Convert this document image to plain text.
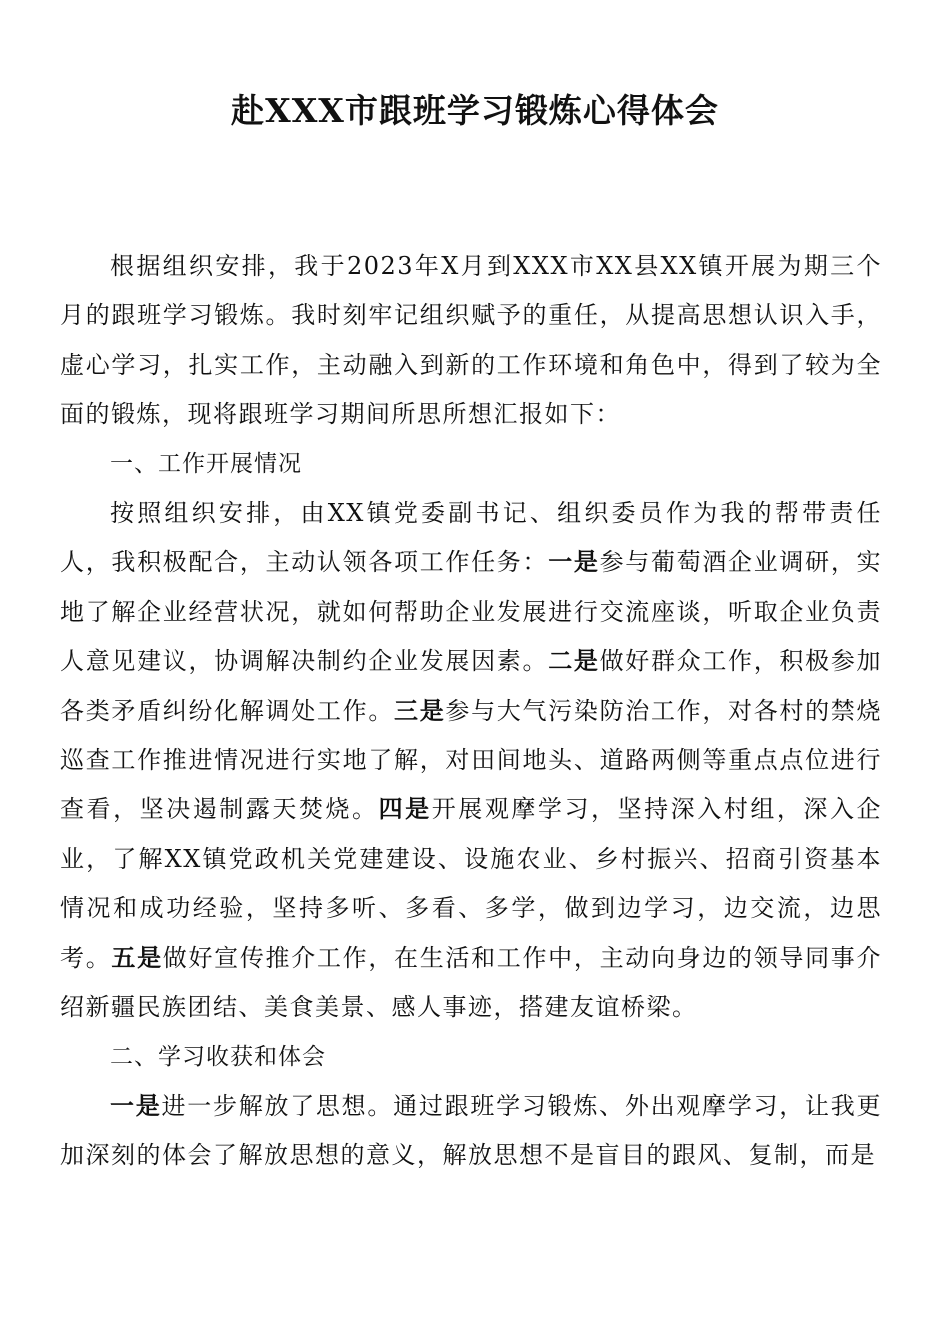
赴XXX市跟班学习锻炼心得体会

根据组织安排，我于2023年X月到XXX市XX县XX镇开展为期三个月的跟班学习锻炼。我时刻牢记组织赋予的重任，从提高思想认识入手，虚心学习，扎实工作，主动融入到新的工作环境和角色中，得到了较为全面的锻炼，现将跟班学习期间所思所想汇报如下：

一、工作开展情况

按照组织安排，由XX镇党委副书记、组织委员作为我的帮带责任人，我积极配合，主动认领各项工作任务：一是参与葡萄酒企业调研，实地了解企业经营状况，就如何帮助企业发展进行交流座谈，听取企业负责人意见建议，协调解决制约企业发展因素。二是做好群众工作，积极参加各类矛盾纠纷化解调处工作。三是参与大气污染防治工作，对各村的禁烧巡查工作推进情况进行实地了解，对田间地头、道路两侧等重点点位进行查看，坚决遏制露天焚烧。四是开展观摩学习，坚持深入村组，深入企业，了解XX镇党政机关党建建设、设施农业、乡村振兴、招商引资基本情况和成功经验，坚持多听、多看、多学，做到边学习，边交流，边思考。五是做好宣传推介工作，在生活和工作中，主动向身边的领导同事介绍新疆民族团结、美食美景、感人事迹，搭建友谊桥梁。

二、学习收获和体会

一是进一步解放了思想。通过跟班学习锻炼、外出观摩学习，让我更加深刻的体会了解放思想的意义，解放思想不是盲目的跟风、复制，而是
